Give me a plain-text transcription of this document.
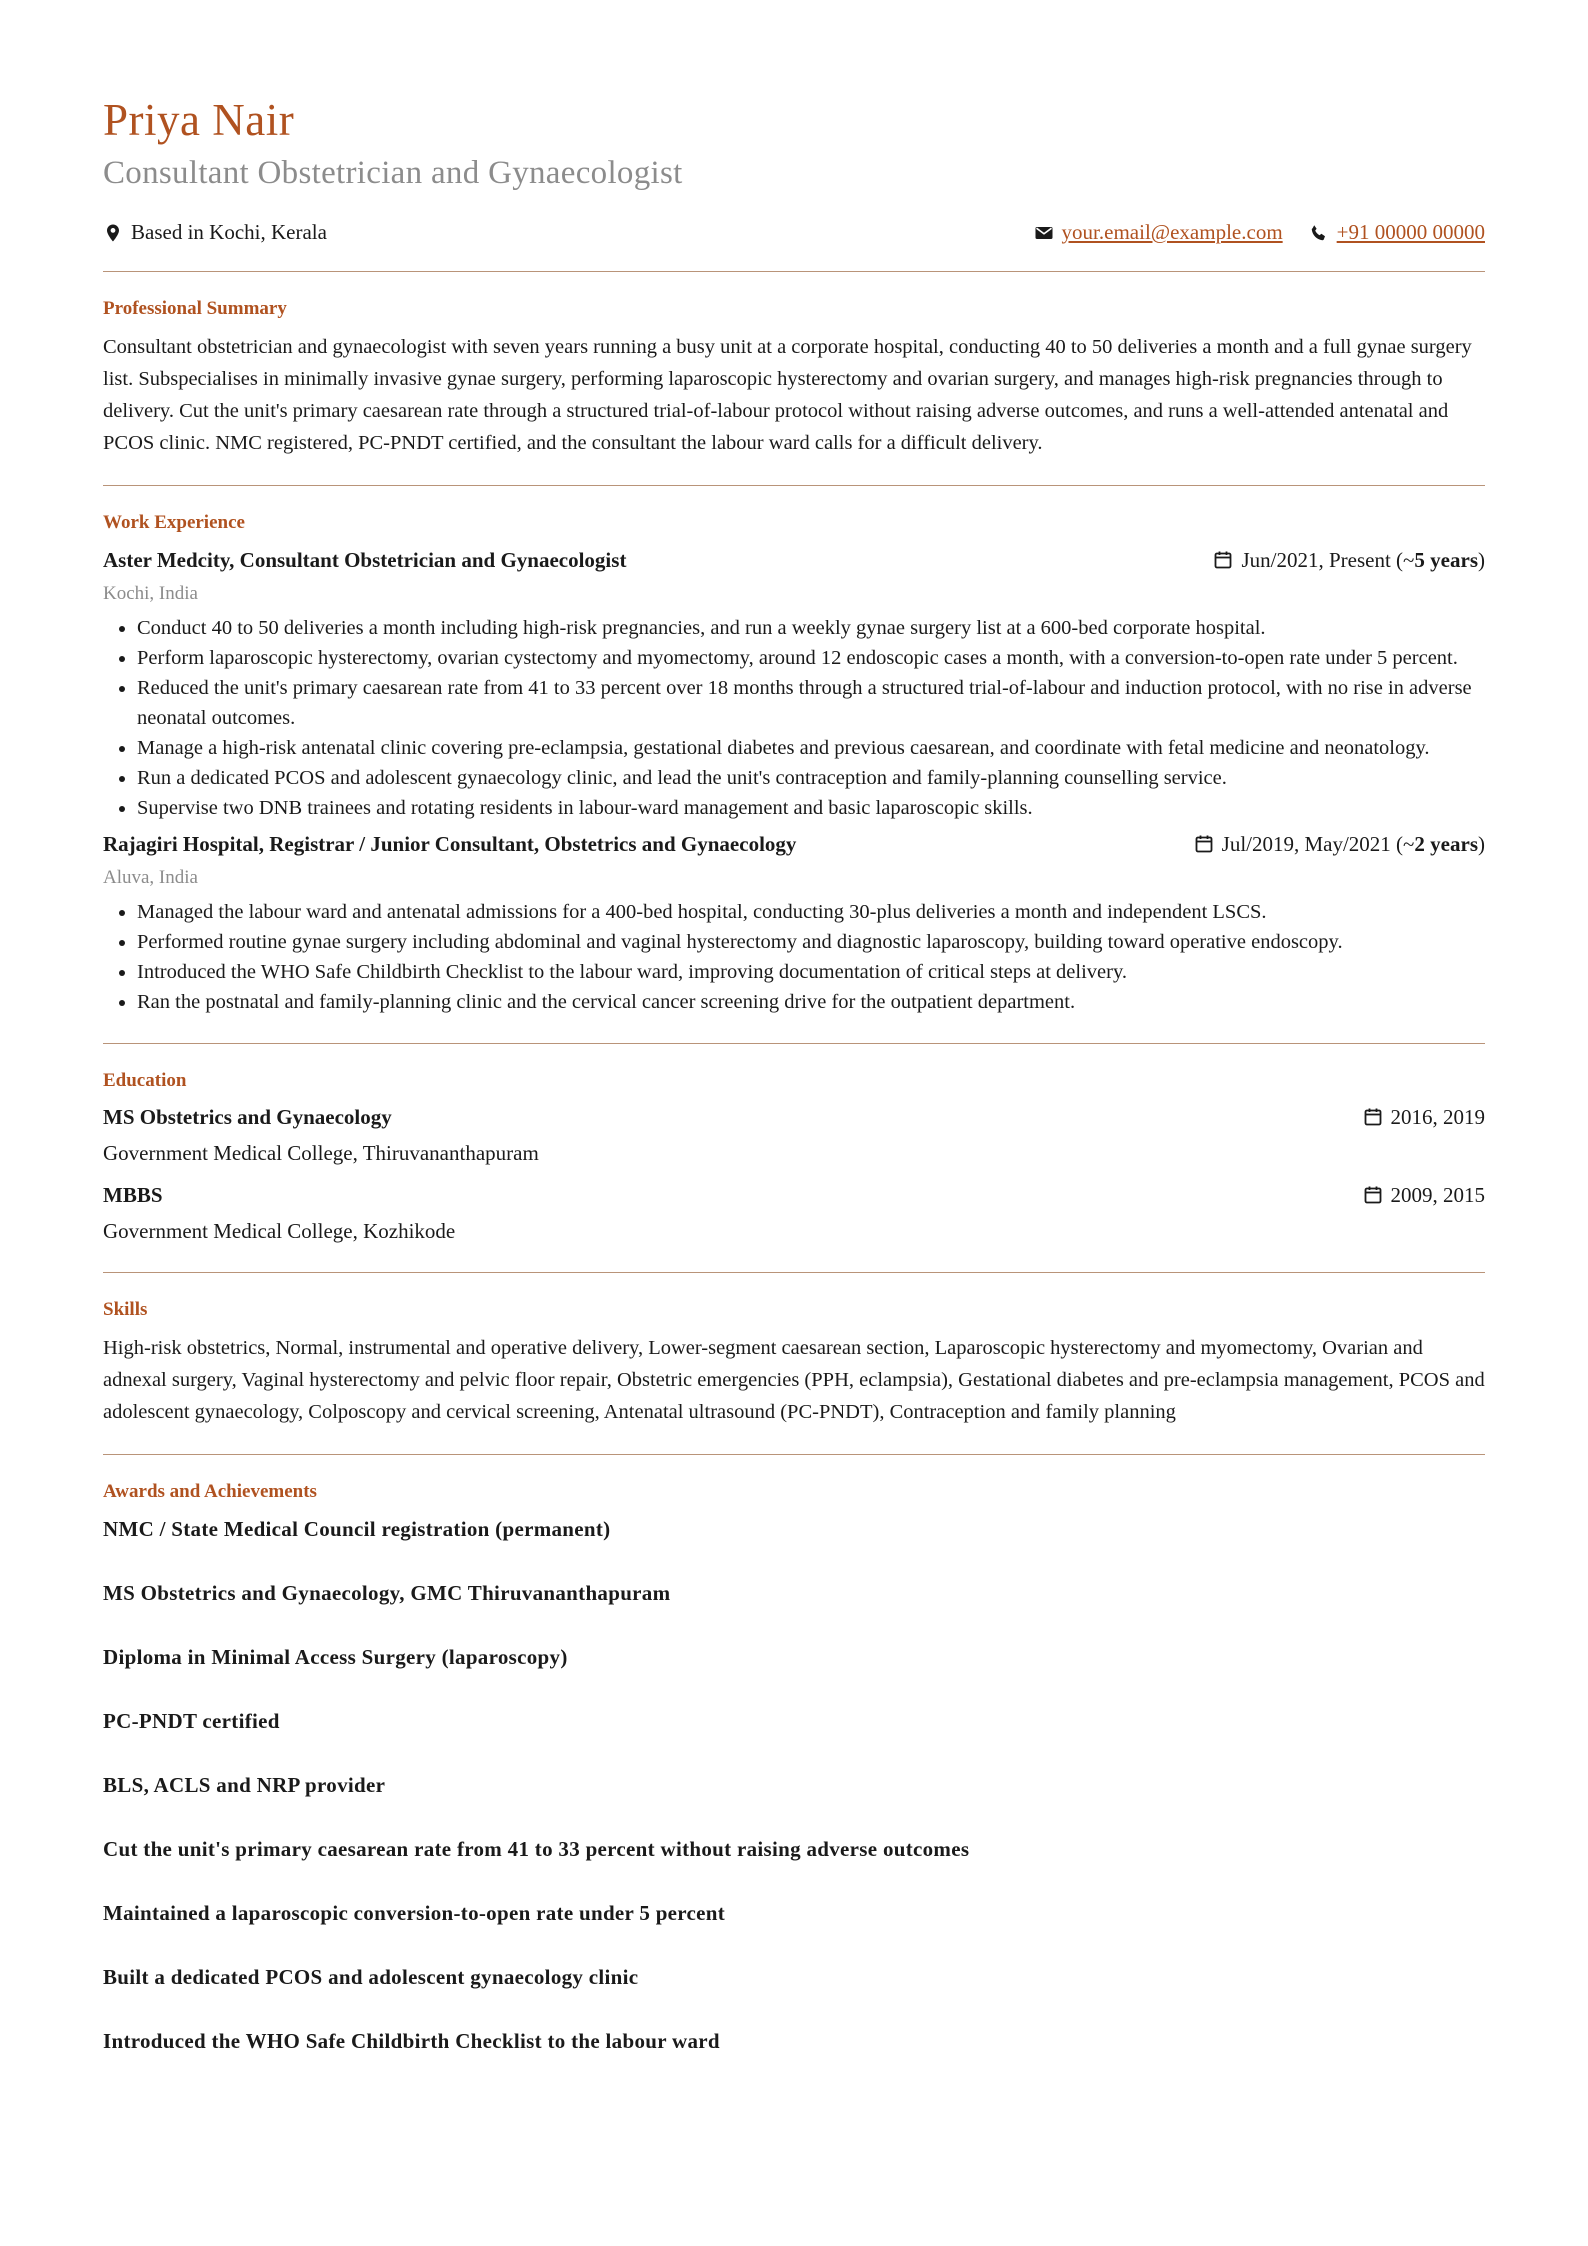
Priya Nair
Consultant Obstetrician and Gynaecologist
Based in Kochi, Kerala	your.email@example.com	+91 00000 00000
Professional Summary

Consultant obstetrician and gynaecologist with seven years running a busy unit at a corporate hospital, conducting 40 to 50 deliveries a month and a full gynae surgery list. Subspecialises in minimally invasive gynae surgery, performing laparoscopic hysterectomy and ovarian surgery, and manages high-risk pregnancies through to delivery. Cut the unit's primary caesarean rate through a structured trial-of-labour protocol without raising adverse outcomes, and runs a well-attended antenatal and PCOS clinic. NMC registered, PC-PNDT certified, and the consultant the labour ward calls for a difficult delivery.

Work Experience
Aster Medcity, Consultant Obstetrician and Gynaecologist	Jun/2021, Present (~ 5 years )
Kochi, India
• Conduct 40 to 50 deliveries a month including high-risk pregnancies, and run a weekly gynae surgery list at a 600-bed corporate hospital.
• Perform laparoscopic hysterectomy, ovarian cystectomy and myomectomy, around 12 endoscopic cases a month, with a conversion-to-open rate under 5 percent.
• Reduced the unit's primary caesarean rate from 41 to 33 percent over 18 months through a structured trial-of-labour and induction protocol, with no rise in adverse neonatal outcomes.
• Manage a high-risk antenatal clinic covering pre-eclampsia, gestational diabetes and previous caesarean, and coordinate with fetal medicine and neonatology.
• Run a dedicated PCOS and adolescent gynaecology clinic, and lead the unit's contraception and family-planning counselling service.
• Supervise two DNB trainees and rotating residents in labour-ward management and basic laparoscopic skills.
Rajagiri Hospital, Registrar / Junior Consultant, Obstetrics and Gynaecology	Jul/2019, May/2021 (~ 2 years )
Aluva, India
• Managed the labour ward and antenatal admissions for a 400-bed hospital, conducting 30-plus deliveries a month and independent LSCS.
• Performed routine gynae surgery including abdominal and vaginal hysterectomy and diagnostic laparoscopy, building toward operative endoscopy.
• Introduced the WHO Safe Childbirth Checklist to the labour ward, improving documentation of critical steps at delivery.
• Ran the postnatal and family-planning clinic and the cervical cancer screening drive for the outpatient department.
Education
MS Obstetrics and Gynaecology	2016, 2019
Government Medical College, Thiruvananthapuram
MBBS	2009, 2015
Government Medical College, Kozhikode
Skills

High-risk obstetrics, Normal, instrumental and operative delivery, Lower-segment caesarean section, Laparoscopic hysterectomy and myomectomy, Ovarian and adnexal surgery, Vaginal hysterectomy and pelvic floor repair, Obstetric emergencies (PPH, eclampsia), Gestational diabetes and pre-eclampsia management, PCOS and adolescent gynaecology, Colposcopy and cervical screening, Antenatal ultrasound (PC-PNDT), Contraception and family planning

Awards and Achievements
NMC / State Medical Council registration (permanent)
MS Obstetrics and Gynaecology, GMC Thiruvananthapuram
Diploma in Minimal Access Surgery (laparoscopy)
PC-PNDT certified
BLS, ACLS and NRP provider
Cut the unit's primary caesarean rate from 41 to 33 percent without raising adverse outcomes
Maintained a laparoscopic conversion-to-open rate under 5 percent
Built a dedicated PCOS and adolescent gynaecology clinic
Introduced the WHO Safe Childbirth Checklist to the labour ward
